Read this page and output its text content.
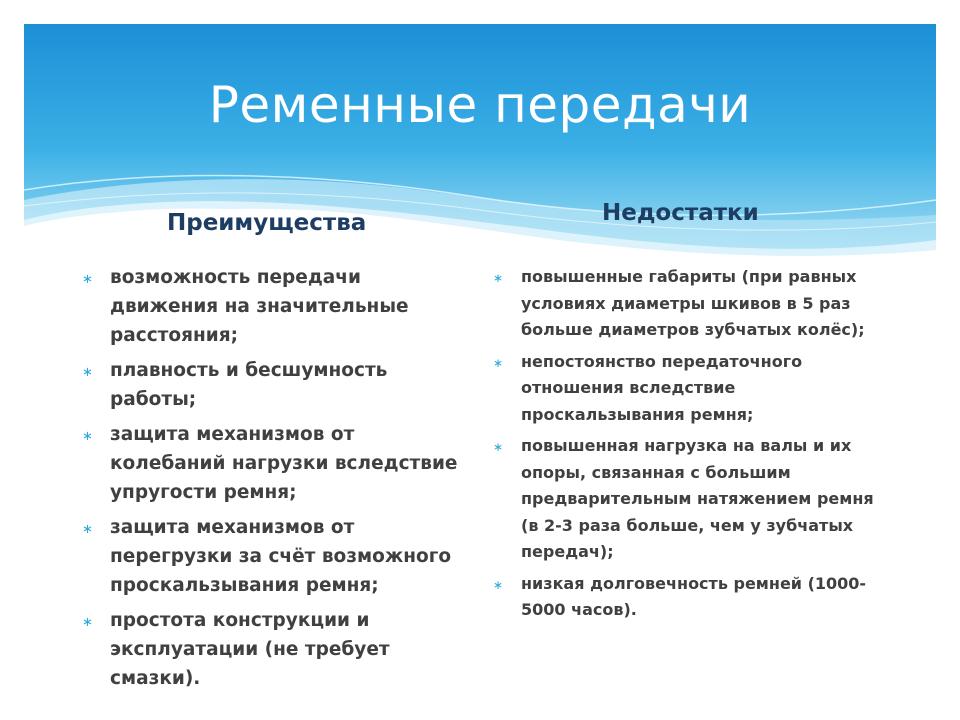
Ременные передачи
Преимущества	Недостатки
∗ возможность передачи движения на значительные расстояния;
∗ плавность и бесшумность работы;
∗ защита механизмов от колебаний нагрузки вследствие упругости ремня;
∗ защита механизмов от перегрузки за счёт возможного проскальзывания ремня;
∗ простота конструкции и эксплуатации (не требует смазки).
∗ повышенные габариты (при равных условиях диаметры шкивов в 5 раз больше диаметров зубчатых колёс);
∗ непостоянство передаточного отношения вследствие проскальзывания ремня;
∗ повышенная нагрузка на валы и их опоры, связанная с большим предварительным натяжением ремня (в 2-3 раза больше, чем у зубчатых передач);
∗ низкая долговечность ремней (1000-5000 часов).
